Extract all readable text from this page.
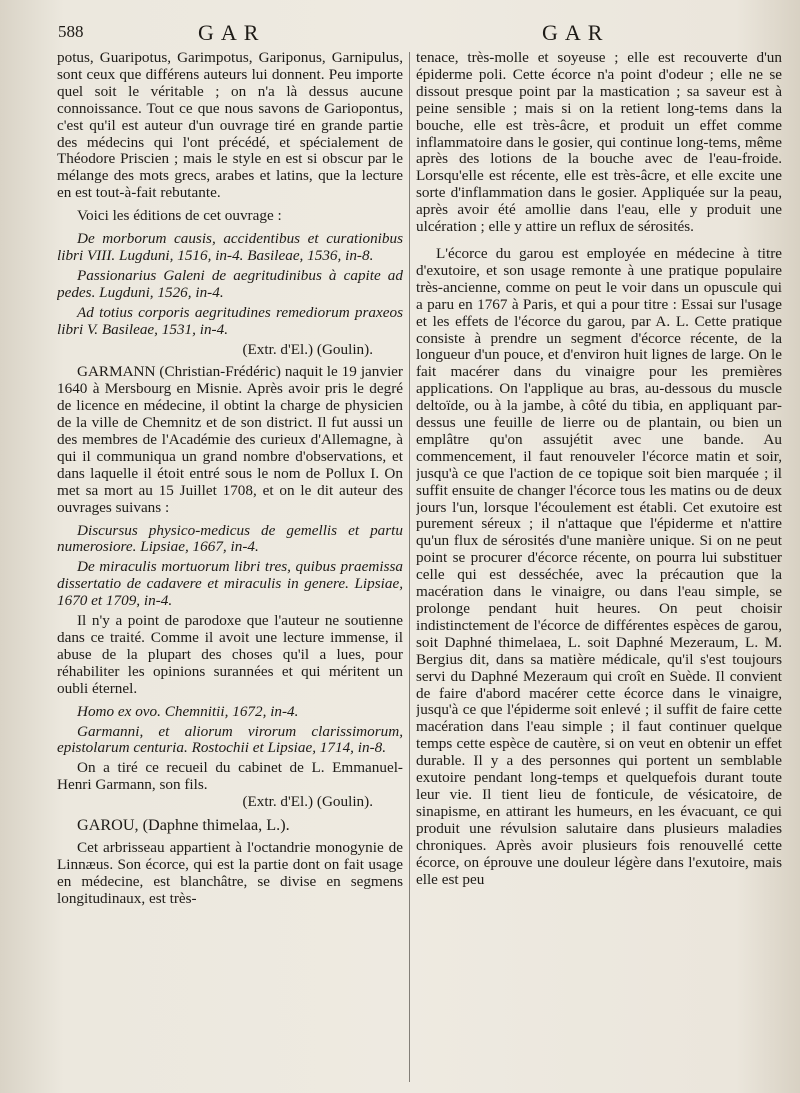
588	GAR	GAR

potus, Guaripotus, Garimpotus, Gariponus, Garnipulus, sont ceux que différens auteurs lui donnent. Peu importe quel soit le véritable ; on n'a là dessus aucune connoissance. Tout ce que nous savons de Gariopontus, c'est qu'il est auteur d'un ouvrage tiré en grande partie des médecins qui l'ont précédé, et spécialement de Théodore Priscien ; mais le style en est si obscur par le mélange des mots grecs, arabes et latins, que la lecture en est tout-à-fait rebutante.

Voici les éditions de cet ouvrage :

De morborum causis, accidentibus et curationibus libri VIII. Lugduni, 1516, in-4. Basileae, 1536, in-8.

Passionarius Galeni de aegritudinibus à capite ad pedes. Lugduni, 1526, in-4.

Ad totius corporis aegritudines remediorum praxeos libri V. Basileae, 1531, in-4.

(Extr. d'El.) (Goulin).

GARMANN (Christian-Frédéric) naquit le 19 janvier 1640 à Mersbourg en Misnie. Après avoir pris le degré de licence en médecine, il obtint la charge de physicien de la ville de Chemnitz et de son district. Il fut aussi un des membres de l'Académie des curieux d'Allemagne, à qui il communiqua un grand nombre d'observations, et dans laquelle il étoit entré sous le nom de Pollux I. On met sa mort au 15 Juillet 1708, et on le dit auteur des ouvrages suivans :

Discursus physico-medicus de gemellis et partu numerosiore. Lipsiae, 1667, in-4.

De miraculis mortuorum libri tres, quibus praemissa dissertatio de cadavere et miraculis in genere. Lipsiae, 1670 et 1709, in-4.

Il n'y a point de parodoxe que l'auteur ne soutienne dans ce traité. Comme il avoit une lecture immense, il abuse de la plupart des choses qu'il a lues, pour réhabiliter les opinions surannées et qui méritent un oubli éternel.

Homo ex ovo. Chemnitii, 1672, in-4.

Garmanni, et aliorum virorum clarissimorum, epistolarum centuria. Rostochii et Lipsiae, 1714, in-8.

On a tiré ce recueil du cabinet de L. Emmanuel-Henri Garmann, son fils.

(Extr. d'El.) (Goulin).

GAROU, (Daphne thimelaa, L.).

Cet arbrisseau appartient à l'octandrie monogynie de Linnæus. Son écorce, qui est la partie dont on fait usage en médecine, est blanchâtre, se divise en segmens longitudinaux, est très-

tenace, très-molle et soyeuse ; elle est recouverte d'un épiderme poli. Cette écorce n'a point d'odeur ; elle ne se dissout presque point par la mastication ; sa saveur est à peine sensible ; mais si on la retient long-tems dans la bouche, elle est très-âcre, et produit un effet comme inflammatoire dans le gosier, qui continue long-tems, même après des lotions de la bouche avec de l'eau-froide. Lorsqu'elle est récente, elle est très-âcre, et elle excite une sorte d'inflammation dans le gosier. Appliquée sur la peau, après avoir été amollie dans l'eau, elle y produit une ulcération ; elle y attire un reflux de sérosités.

L'écorce du garou est employée en médecine à titre d'exutoire, et son usage remonte à une pratique populaire très-ancienne, comme on peut le voir dans un opuscule qui a paru en 1767 à Paris, et qui a pour titre : Essai sur l'usage et les effets de l'écorce du garou, par A. L. Cette pratique consiste à prendre un segment d'écorce récente, de la longueur d'un pouce, et d'environ huit lignes de large. On le fait macérer dans du vinaigre pour les premières applications. On l'applique au bras, au-dessous du muscle deltoïde, ou à la jambe, à côté du tibia, en appliquant par-dessus une feuille de lierre ou de plantain, ou bien un emplâtre qu'on assujétit avec une bande. Au commencement, il faut renouveler l'écorce matin et soir, jusqu'à ce que l'action de ce topique soit bien marquée ; il suffit ensuite de changer l'écorce tous les matins ou de deux jours l'un, lorsque l'écoulement est établi. Cet exutoire est purement séreux ; il n'attaque que l'épiderme et n'attire qu'un flux de sérosités d'une manière unique. Si on ne peut point se procurer d'écorce récente, on pourra lui substituer celle qui est desséchée, avec la précaution que la macération dans le vinaigre, ou dans l'eau simple, se prolonge pendant huit heures. On peut choisir indistinctement de l'écorce de différentes espèces de garou, soit Daphné thimelaea, L. soit Daphné Mezeraum, L. M. Bergius dit, dans sa matière médicale, qu'il s'est toujours servi du Daphné Mezeraum qui croît en Suède. Il convient de faire d'abord macérer cette écorce dans le vinaigre, jusqu'à ce que l'épiderme soit enlevé ; il suffit de faire cette macération dans l'eau simple ; il faut continuer quelque temps cette espèce de cautère, si on veut en obtenir un effet durable. Il y a des personnes qui portent un semblable exutoire pendant long-temps et quelquefois durant toute leur vie. Il tient lieu de fonticule, de vésicatoire, de sinapisme, en attirant les humeurs, en les évacuant, ce qui produit une révulsion salutaire dans plusieurs maladies chroniques. Après avoir plusieurs fois renouvellé cette écorce, on éprouve une douleur légère dans l'exutoire, mais elle est peu
